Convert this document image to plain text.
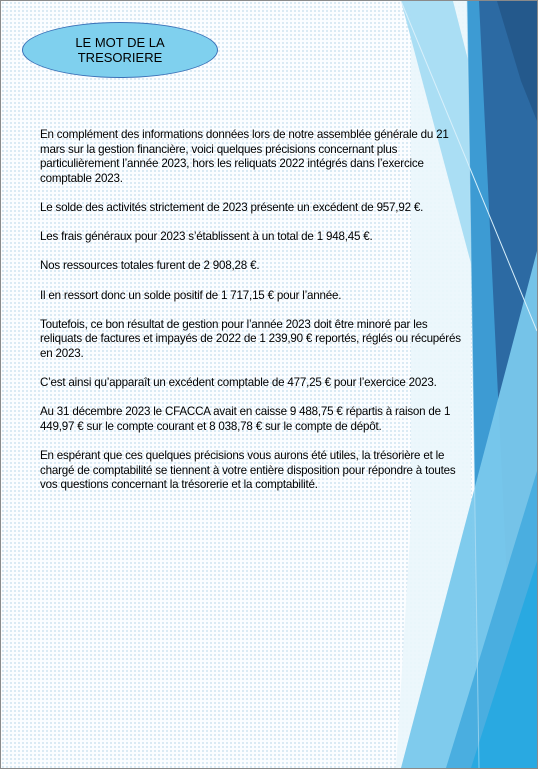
LE MOT DE LA TRESORIERE

En complément des informations données lors de notre assemblée générale du 21 mars sur la gestion financière, voici quelques précisions concernant plus particulièrement l’année 2023, hors les reliquats 2022 intégrés dans l’exercice comptable 2023.

Le solde des activités strictement de 2023 présente un excédent de 957,92 €.

Les frais généraux pour 2023 s’établissent à un total de 1 948,45 €.

Nos ressources totales furent de 2 908,28 €.

Il en ressort donc un solde positif de 1 717,15 € pour l’année.

Toutefois, ce bon résultat de gestion pour l’année 2023 doit être minoré par les reliquats de factures et impayés de 2022 de 1 239,90 € reportés, réglés ou récupérés en 2023.

C’est ainsi qu’apparaît un excédent comptable de 477,25 € pour l’exercice 2023.

Au 31 décembre 2023 le CFACCA avait en caisse 9 488,75 € répartis à raison de 1 449,97 € sur le compte courant et 8 038,78 € sur le compte de dépôt.

En espérant que ces quelques précisions vous aurons été utiles, la trésorière et le chargé de comptabilité se tiennent à votre entière disposition pour répondre à toutes vos questions concernant la trésorerie et la comptabilité.
